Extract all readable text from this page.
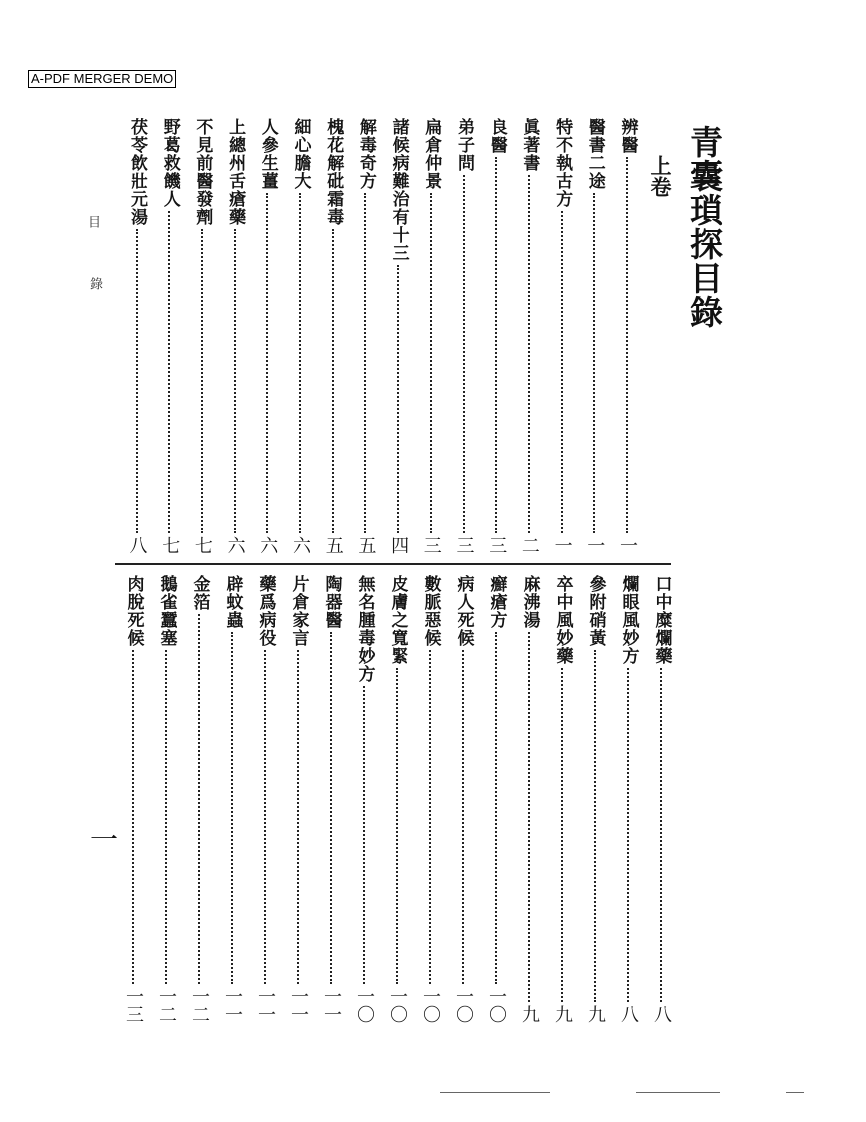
A-PDF MERGER DEMO
青囊瑣探目錄
上卷
目
錄
一
辨醫
一
醫書二途
一
特不執古方
一
眞著書
二
良醫
三
弟子問
三
扁倉仲景
三
諸候病難治有十三
四
解毒奇方
五
槐花解砒霜毒
五
細心膽大
六
人參生薑
六
上總州舌瘡藥
六
不見前醫發劑
七
野葛救饑人
七
茯苓飲壯元湯
八
口中糜爛藥
八
爛眼風妙方
八
參附硝黃
九
卒中風妙藥
九
麻沸湯
九
癬瘡方
一〇
病人死候
一〇
數脈惡候
一〇
皮膚之寬緊
一〇
無名腫毒妙方
一〇
陶器醫
一一
片倉家言
一一
藥爲病役
一一
辟蚊蟲
一一
金箔
一二
鵝雀蠶塞
一二
肉脫死候
一三
